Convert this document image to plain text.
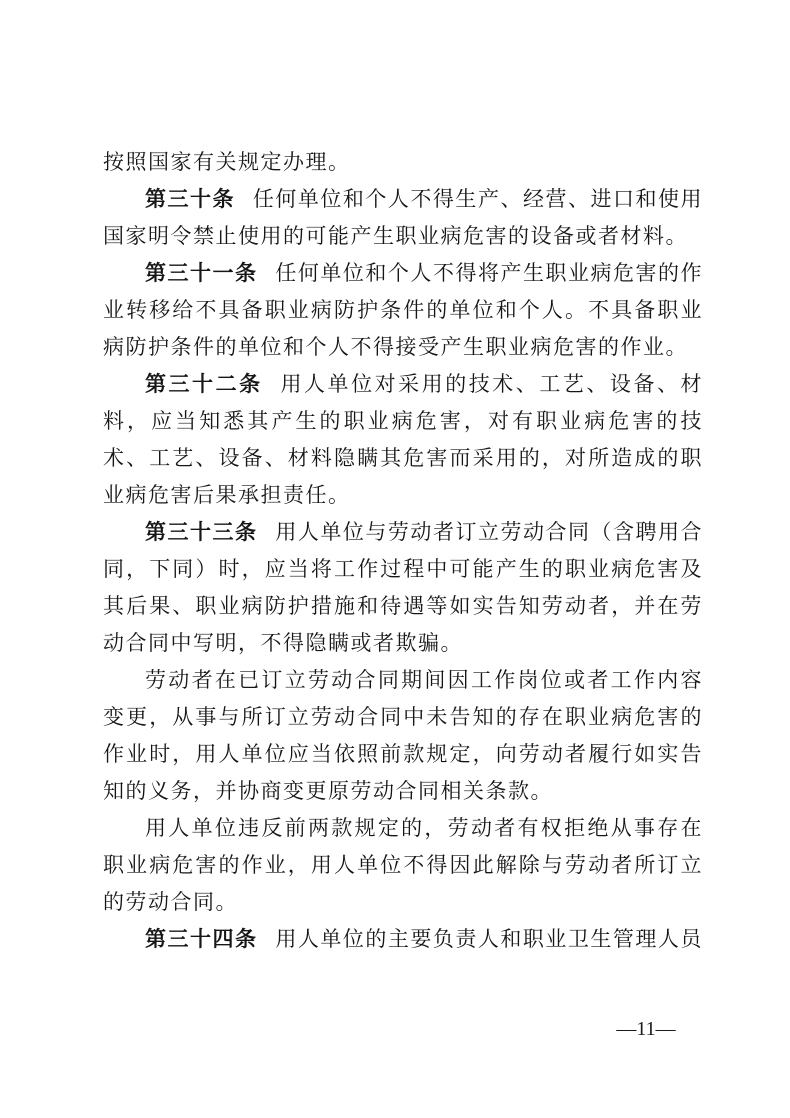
按照国家有关规定办理。

第三十条 任何单位和个人不得生产、经营、进口和使用国家明令禁止使用的可能产生职业病危害的设备或者材料。

第三十一条 任何单位和个人不得将产生职业病危害的作业转移给不具备职业病防护条件的单位和个人。不具备职业病防护条件的单位和个人不得接受产生职业病危害的作业。

第三十二条 用人单位对采用的技术、工艺、设备、材料，应当知悉其产生的职业病危害，对有职业病危害的技术、工艺、设备、材料隐瞒其危害而采用的，对所造成的职业病危害后果承担责任。

第三十三条 用人单位与劳动者订立劳动合同（含聘用合同，下同）时，应当将工作过程中可能产生的职业病危害及其后果、职业病防护措施和待遇等如实告知劳动者，并在劳动合同中写明，不得隐瞒或者欺骗。

劳动者在已订立劳动合同期间因工作岗位或者工作内容变更，从事与所订立劳动合同中未告知的存在职业病危害的作业时，用人单位应当依照前款规定，向劳动者履行如实告知的义务，并协商变更原劳动合同相关条款。

用人单位违反前两款规定的，劳动者有权拒绝从事存在职业病危害的作业，用人单位不得因此解除与劳动者所订立的劳动合同。

第三十四条 用人单位的主要负责人和职业卫生管理人员

—11—
